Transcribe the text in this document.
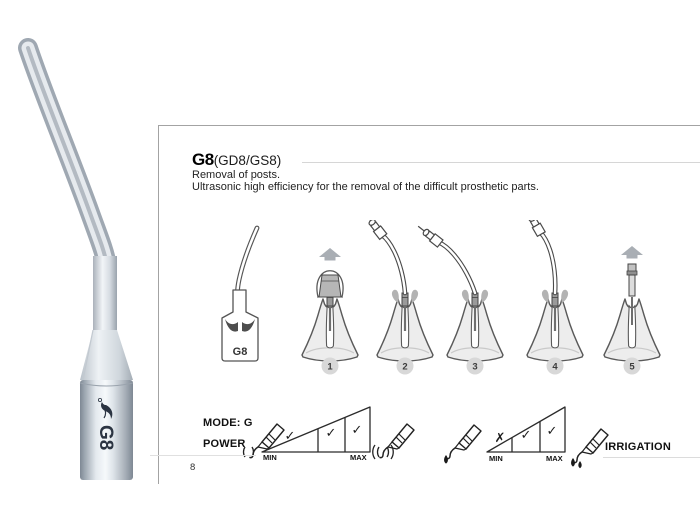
G8
G8(GD8/GS8)
Removal of posts.
Ultrasonic high efficiency for the removal of the difficult prosthetic parts.
G8
1	2	3	4	5
MODE: G
POWER	IRRIGATION
MIN	MAX	MIN	MAX
✓ ✓ ✓
✗ ✓ ✓
8
